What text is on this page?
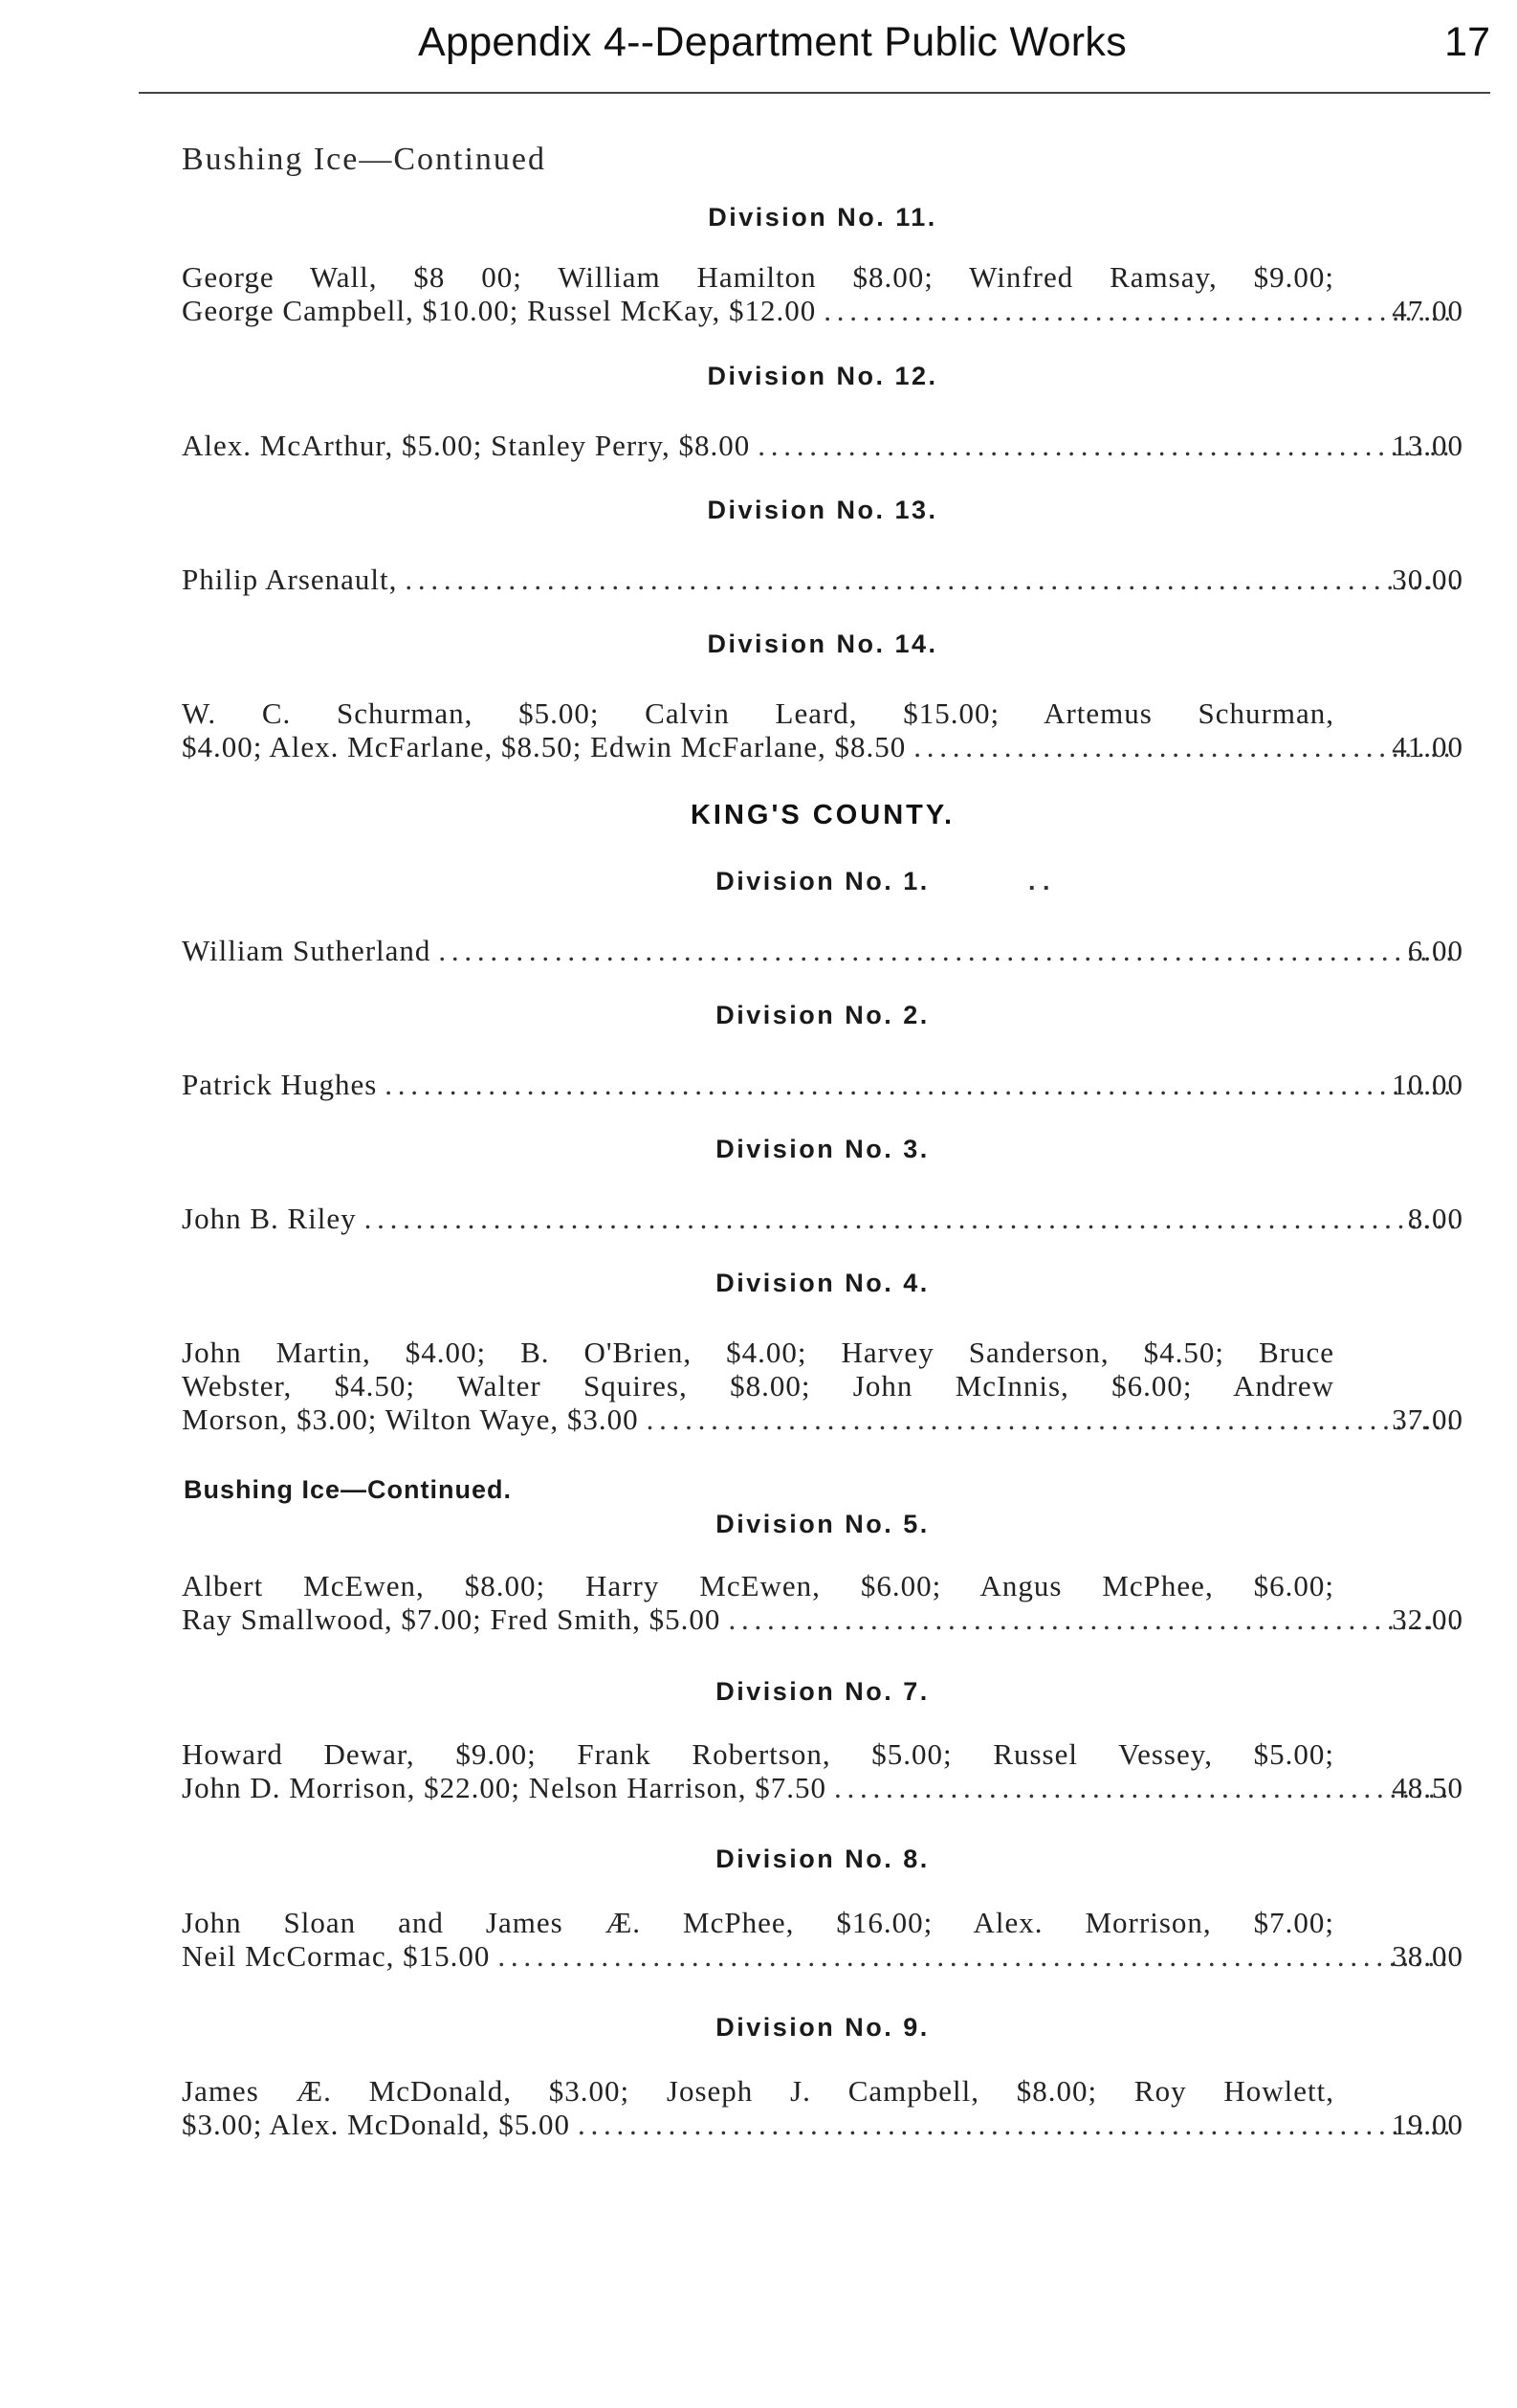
Appendix 4--Department Public Works	17
Bushing Ice—Continued
Division No. 11.
George Wall, $8 00; William Hamilton $8.00; Winfred Ramsay, $9.00;
George Campbell, $10.00; Russel McKay, $12.00 . . .	47.00
Division No. 12.
Alex. McArthur, $5.00; Stanley Perry, $8.00 . . .	13.00
Division No. 13.
Philip Arsenault, . . .	30.00
Division No. 14.
W. C. Schurman, $5.00; Calvin Leard, $15.00; Artemus Schurman,
$4.00; Alex. McFarlane, $8.50; Edwin McFarlane, $8.50 . . .	41.00
KING'S COUNTY.
Division No. 1.	. .
William Sutherland . . .	6.00
Division No. 2.
Patrick Hughes . . .	10.00
Division No. 3.
John B. Riley . . .	8.00
Division No. 4.
John Martin, $4.00; B. O'Brien, $4.00; Harvey Sanderson, $4.50; Bruce
Webster, $4.50; Walter Squires, $8.00; John McInnis, $6.00; Andrew
Morson, $3.00; Wilton Waye, $3.00 . . .	37.00
Bushing Ice—Continued.
Division No. 5.
Albert McEwen, $8.00; Harry McEwen, $6.00; Angus McPhee, $6.00;
Ray Smallwood, $7.00; Fred Smith, $5.00 . . .	32.00
Division No. 7.
Howard Dewar, $9.00; Frank Robertson, $5.00; Russel Vessey, $5.00;
John D. Morrison, $22.00; Nelson Harrison, $7.50 . . .	48.50
Division No. 8.
John Sloan and James Æ. McPhee, $16.00; Alex. Morrison, $7.00;
Neil McCormac, $15.00 . . .	38.00
Division No. 9.
James Æ. McDonald, $3.00; Joseph J. Campbell, $8.00; Roy Howlett,
$3.00; Alex. McDonald, $5.00 . . .	19.00
